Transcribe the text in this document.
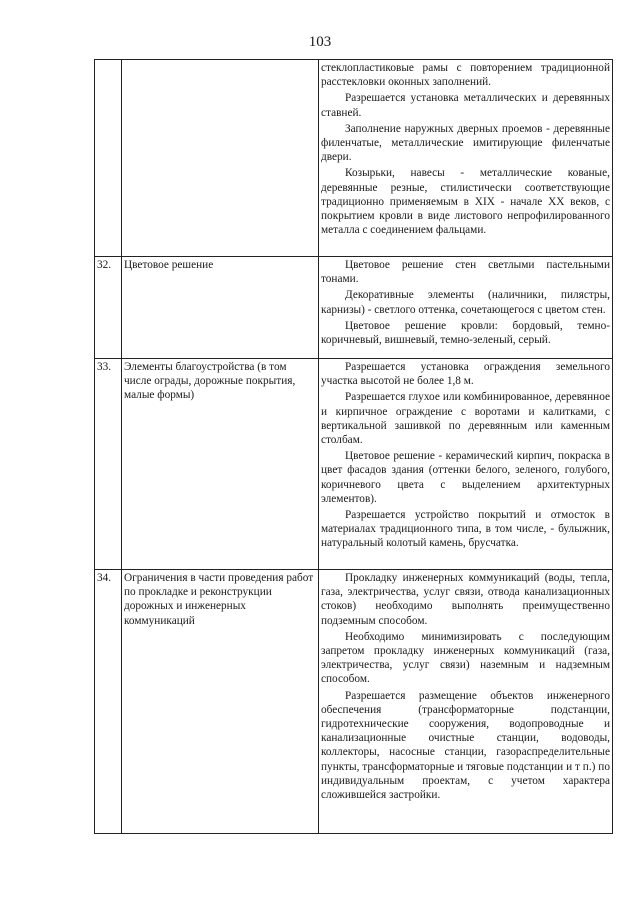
103

		стеклопластиковые рамы с повторением традиционной расстекловки оконных заполнений.

Разрешается установка металлических и деревянных ставней.

Заполнение наружных дверных проемов - деревянные филенчатые, металлические имитирующие филенчатые двери.

Козырьки, навесы - металлические кованые, деревянные резные, стилистически соответствующие традиционно применяемым в XIX - начале XX веков, с покрытием кровли в виде листового непрофилированного металла с соединением фальцами.

32.	Цветовое решение	Цветовое решение стен светлыми пастельными тонами.

Декоративные элементы (наличники, пилястры, карнизы) - светлого оттенка, сочетающегося с цветом стен.

Цветовое решение кровли: бордовый, темно-коричневый, вишневый, темно-зеленый, серый.

33.	Элементы благоустройства (в том числе ограды, дорожные покрытия, малые формы)	Разрешается установка ограждения земельного участка высотой не более 1,8 м.

Разрешается глухое или комбинированное, деревянное и кирпичное ограждение с воротами и калитками, с вертикальной зашивкой по деревянным или каменным столбам.

Цветовое решение - керамический кирпич, покраска в цвет фасадов здания (оттенки белого, зеленого, голубого, коричневого цвета с выделением архитектурных элементов).

Разрешается устройство покрытий и отмосток в материалах традиционного типа, в том числе, - булыжник, натуральный колотый камень, брусчатка.

34.	Ограничения в части проведения работ по прокладке и реконструкции дорожных и инженерных коммуникаций	Прокладку инженерных коммуникаций (воды, тепла, газа, электричества, услуг связи, отвода канализационных стоков) необходимо выполнять преимущественно подземным способом.

Необходимо минимизировать с последующим запретом прокладку инженерных коммуникаций (газа, электричества, услуг связи) наземным и надземным способом.

Разрешается размещение объектов инженерного обеспечения (трансформаторные подстанции, гидротехнические сооружения, водопроводные и канализационные очистные станции, водоводы, коллекторы, насосные станции, газораспределительные пункты, трансформаторные и тяговые подстанции и т п.) по индивидуальным проектам, с учетом характера сложившейся застройки.
